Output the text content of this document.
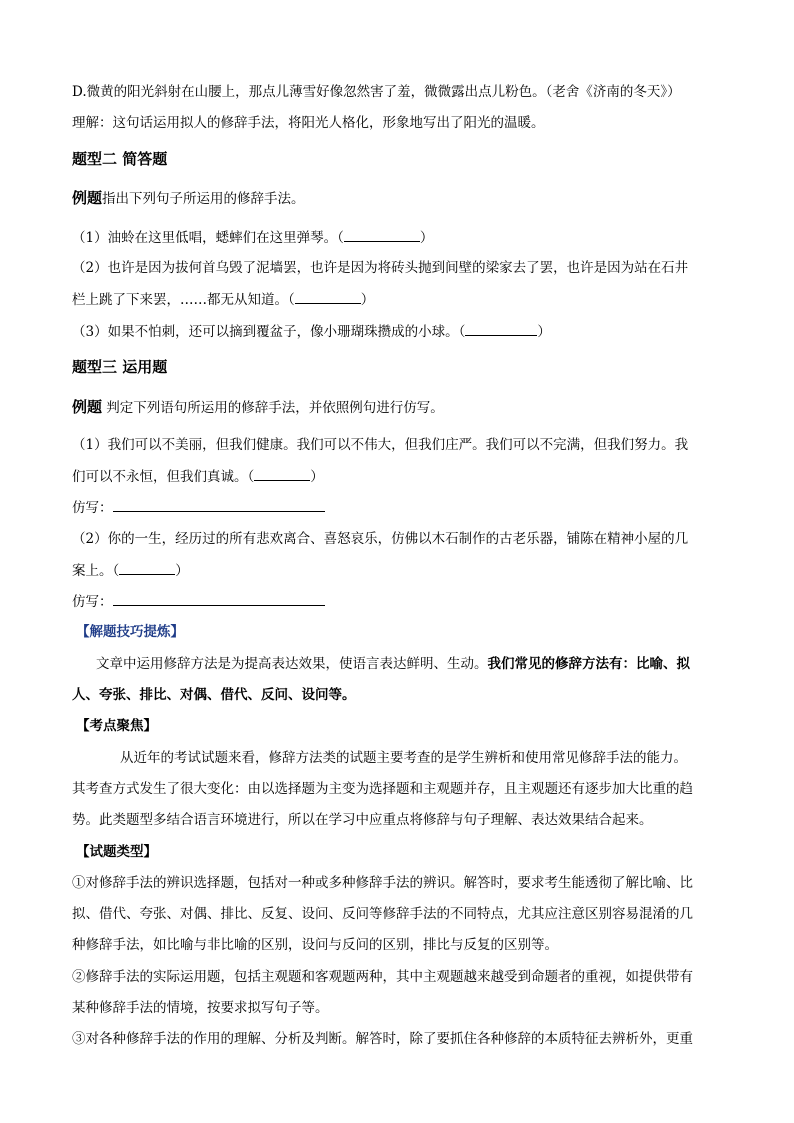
D.微黄的阳光斜射在山腰上，那点儿薄雪好像忽然害了羞，微微露出点儿粉色。（老舍《济南的冬天》）
理解：这句话运用拟人的修辞手法，将阳光人格化，形象地写出了阳光的温暖。
题型二 简答题
例题指出下列句子所运用的修辞手法。
（1）油蛉在这里低唱，蟋蟀们在这里弹琴。（	）
（2）也许是因为拔何首乌毁了泥墙罢，也许是因为将砖头抛到间壁的梁家去了罢，也许是因为站在石井
栏上跳了下来罢，……都无从知道。（	）
（3）如果不怕刺，还可以摘到覆盆子，像小珊瑚珠攒成的小球。（	）
题型三 运用题
例题 判定下列语句所运用的修辞手法，并依照例句进行仿写。
（1）我们可以不美丽，但我们健康。我们可以不伟大，但我们庄严。我们可以不完满，但我们努力。我
们可以不永恒，但我们真诚。（	）
仿写：
（2）你的一生，经历过的所有悲欢离合、喜怒哀乐，仿佛以木石制作的古老乐器，铺陈在精神小屋的几
案上。（	）
仿写：
【解题技巧提炼】
文章中运用修辞方法是为提高表达效果，使语言表达鲜明、生动。我们常见的修辞方法有：比喻、拟
人、夸张、排比、对偶、借代、反问、设问等。
【考点聚焦】
从近年的考试试题来看，修辞方法类的试题主要考查的是学生辨析和使用常见修辞手法的能力。
其考查方式发生了很大变化：由以选择题为主变为选择题和主观题并存，且主观题还有逐步加大比重的趋
势。此类题型多结合语言环境进行，所以在学习中应重点将修辞与句子理解、表达效果结合起来。
【试题类型】
①对修辞手法的辨识选择题，包括对一种或多种修辞手法的辨识。解答时，要求考生能透彻了解比喻、比
拟、借代、夸张、对偶、排比、反复、设问、反问等修辞手法的不同特点，尤其应注意区别容易混淆的几
种修辞手法，如比喻与非比喻的区别，设问与反问的区别，排比与反复的区别等。
②修辞手法的实际运用题，包括主观题和客观题两种，其中主观题越来越受到命题者的重视，如提供带有
某种修辞手法的情境，按要求拟写句子等。
③对各种修辞手法的作用的理解、分析及判断。解答时，除了要抓住各种修辞的本质特征去辨析外，更重
